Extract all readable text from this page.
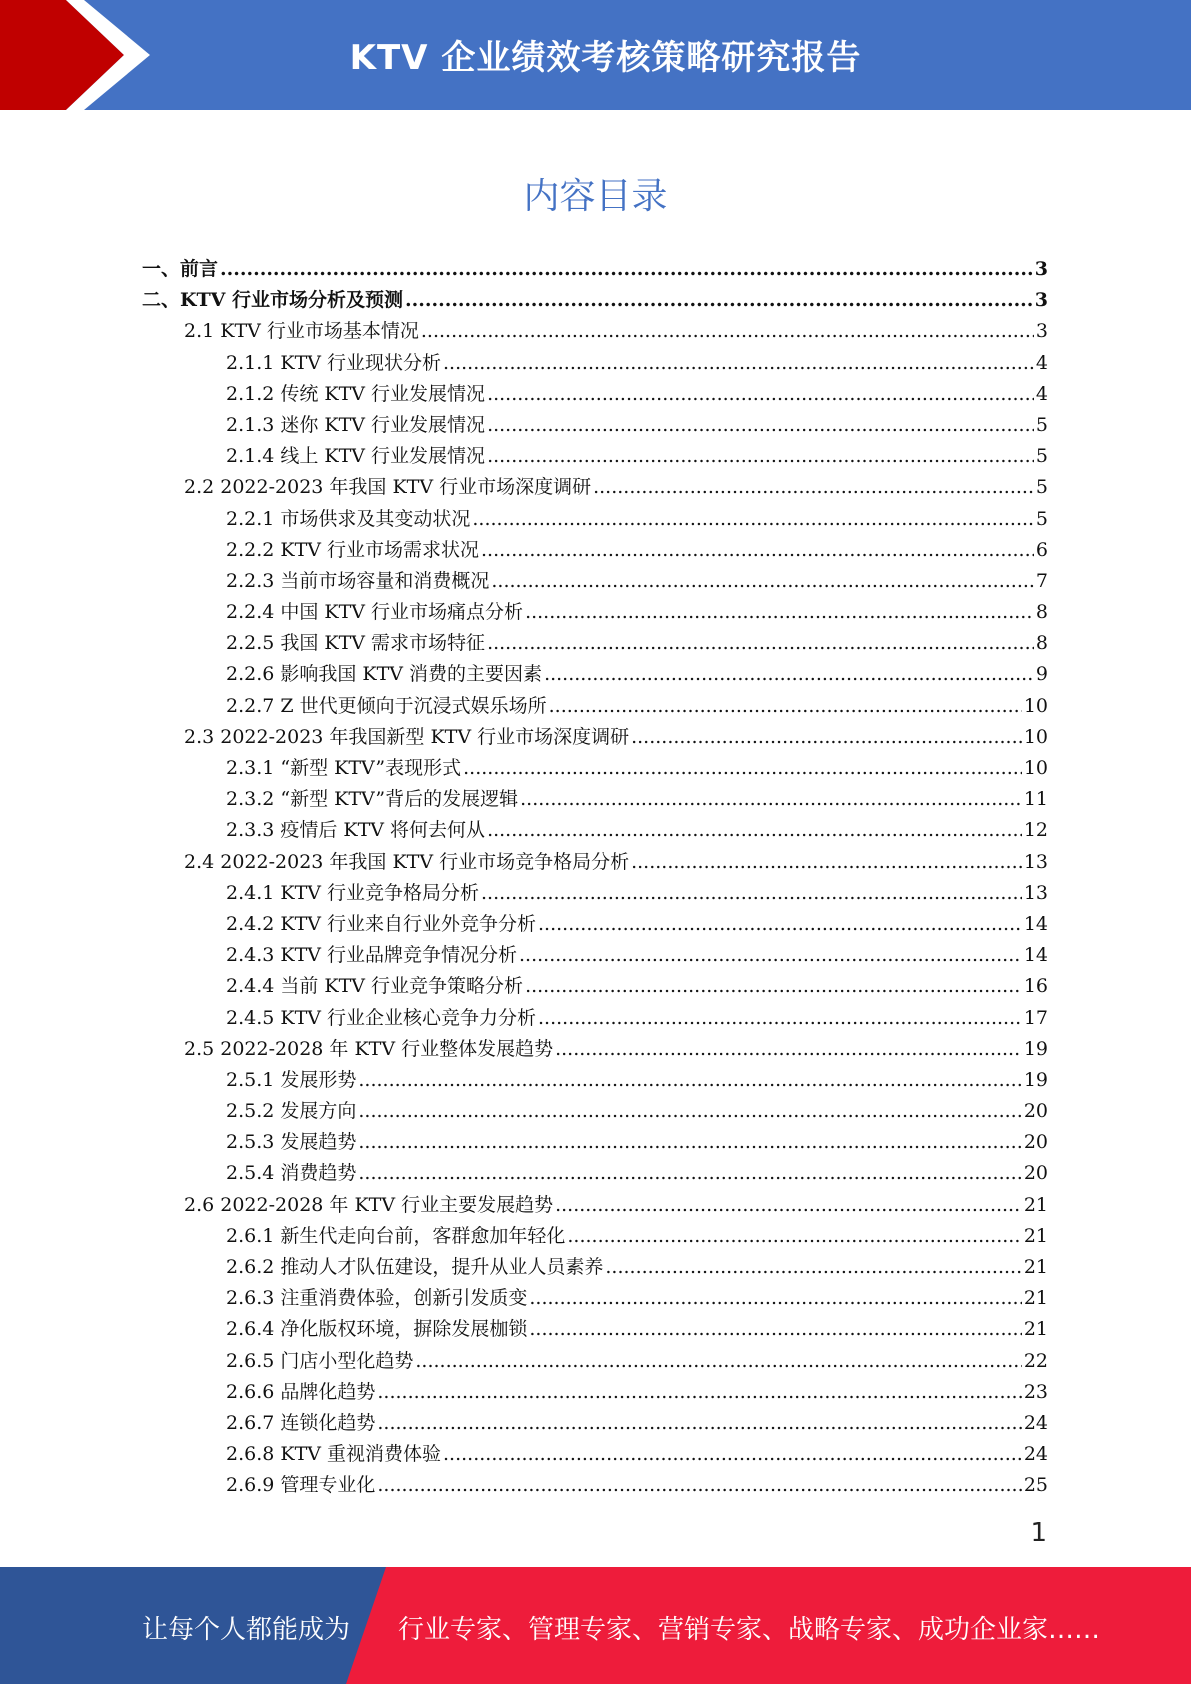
KTV 企业绩效考核策略研究报告
内容目录
一、前言 .....	3
二、KTV 行业市场分析及预测 .....	3
2.1 KTV 行业市场基本情况 .....	3
2.1.1 KTV 行业现状分析 .....	4
2.1.2 传统 KTV 行业发展情况 .....	4
2.1.3 迷你 KTV 行业发展情况 .....	5
2.1.4 线上 KTV 行业发展情况 .....	5
2.2 2022-2023 年我国 KTV 行业市场深度调研 .....	5
2.2.1 市场供求及其变动状况 .....	5
2.2.2 KTV 行业市场需求状况 .....	6
2.2.3 当前市场容量和消费概况 .....	7
2.2.4 中国 KTV 行业市场痛点分析 .....	8
2.2.5 我国 KTV 需求市场特征 .....	8
2.2.6 影响我国 KTV 消费的主要因素 .....	9
2.2.7 Z 世代更倾向于沉浸式娱乐场所 .....	10
2.3 2022-2023 年我国新型 KTV 行业市场深度调研 .....	10
2.3.1 “新型 KTV”表现形式 .....	10
2.3.2 “新型 KTV”背后的发展逻辑 .....	11
2.3.3 疫情后 KTV 将何去何从 .....	12
2.4 2022-2023 年我国 KTV 行业市场竞争格局分析 .....	13
2.4.1 KTV 行业竞争格局分析 .....	13
2.4.2 KTV 行业来自行业外竞争分析 .....	14
2.4.3 KTV 行业品牌竞争情况分析 .....	14
2.4.4 当前 KTV 行业竞争策略分析 .....	16
2.4.5 KTV 行业企业核心竞争力分析 .....	17
2.5 2022-2028 年 KTV 行业整体发展趋势 .....	19
2.5.1 发展形势 .....	19
2.5.2 发展方向 .....	20
2.5.3 发展趋势 .....	20
2.5.4 消费趋势 .....	20
2.6 2022-2028 年 KTV 行业主要发展趋势 .....	21
2.6.1 新生代走向台前，客群愈加年轻化 .....	21
2.6.2 推动人才队伍建设，提升从业人员素养 .....	21
2.6.3 注重消费体验，创新引发质变 .....	21
2.6.4 净化版权环境，摒除发展枷锁 .....	21
2.6.5 门店小型化趋势 .....	22
2.6.6 品牌化趋势 .....	23
2.6.7 连锁化趋势 .....	24
2.6.8 KTV 重视消费体验 .....	24
2.6.9 管理专业化 .....	25
1
让每个人都能成为 行业专家、管理专家、营销专家、战略专家、成功企业家……
